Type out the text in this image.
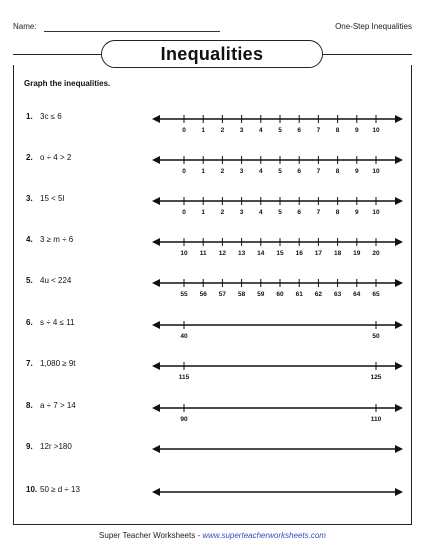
Name:	One-Step Inequalities
Inequalities
Graph the inequalities.
1. 3c ≤ 6
0 1 2 3 4 5 6 7 8 9 10
2. o ÷ 4 > 2
0 1 2 3 4 5 6 7 8 9 10
3. 15 < 5l
0 1 2 3 4 5 6 7 8 9 10
4. 3 ≥ m ÷ 6
10 11 12 13 14 15 16 17 18 19 20
5. 4u < 224
55 56 57 58 59 60 61 62 63 64 65
6. s ÷ 4 ≤ 11
40	50
7. 1,080 ≥ 9t
115	125
8. a ÷ 7 > 14
90	110
9. 12r >180
10. 50 ≥ d ÷ 13
Super Teacher Worksheets - www.superteacherworksheets.com
